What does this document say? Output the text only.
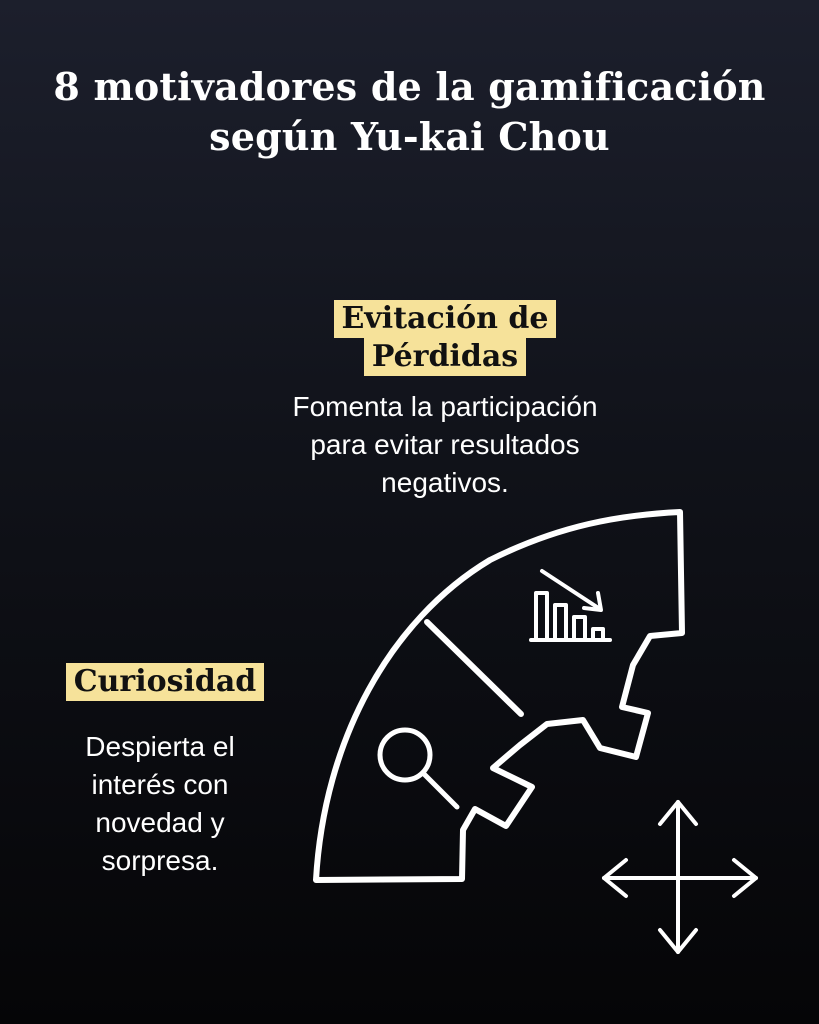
8 motivadores de la gamificación
según Yu-kai Chou
Evitación de
Pérdidas
Fomenta la participación para evitar resultados negativos.
Curiosidad
Despierta el interés con novedad y sorpresa.
